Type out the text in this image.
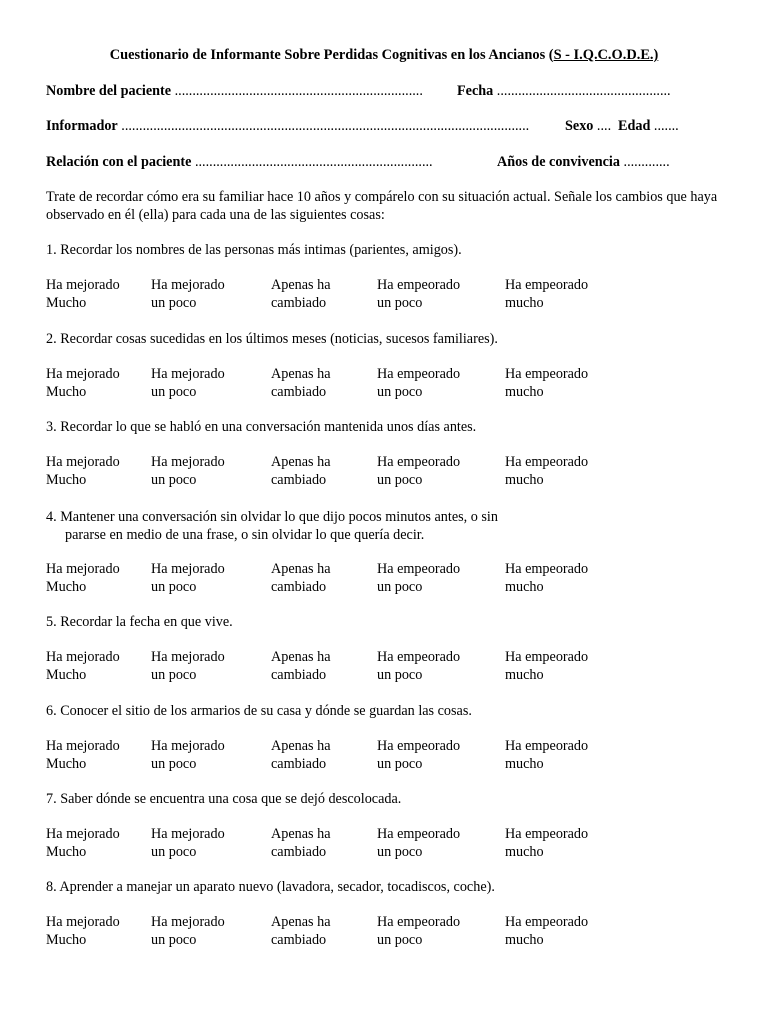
Cuestionario de Informante Sobre Perdidas Cognitivas en los Ancianos (S - I.Q.C.O.D.E.)
Nombre del paciente ...................................................................... Fecha .................................................
Informador ...................................................................................................................	Sexo .... Edad .......
Relación con el paciente ...................................................................	Años de convivencia .............
Trate de recordar cómo era su familiar hace 10 años y compárelo con su situación actual. Señale los cambios que haya observado en él (ella) para cada una de las siguientes cosas:
1. Recordar los nombres de las personas más intimas (parientes, amigos).
Ha mejorado
Mucho
Ha mejorado
un poco
Apenas ha
cambiado
Ha empeorado
un poco
Ha empeorado
mucho
2. Recordar cosas sucedidas en los últimos meses (noticias, sucesos familiares).
Ha mejorado
Mucho
Ha mejorado
un poco
Apenas ha
cambiado
Ha empeorado
un poco
Ha empeorado
mucho
3. Recordar lo que se habló en una conversación mantenida unos días antes.
Ha mejorado
Mucho
Ha mejorado
un poco
Apenas ha
cambiado
Ha empeorado
un poco
Ha empeorado
mucho
4. Mantener una conversación sin olvidar lo que dijo pocos minutos antes, o sin
pararse en medio de una frase, o sin olvidar lo que quería decir.
Ha mejorado
Mucho
Ha mejorado
un poco
Apenas ha
cambiado
Ha empeorado
un poco
Ha empeorado
mucho
5. Recordar la fecha en que vive.
Ha mejorado
Mucho
Ha mejorado
un poco
Apenas ha
cambiado
Ha empeorado
un poco
Ha empeorado
mucho
6. Conocer el sitio de los armarios de su casa y dónde se guardan las cosas.
Ha mejorado
Mucho
Ha mejorado
un poco
Apenas ha
cambiado
Ha empeorado
un poco
Ha empeorado
mucho
7. Saber dónde se encuentra una cosa que se dejó descolocada.
Ha mejorado
Mucho
Ha mejorado
un poco
Apenas ha
cambiado
Ha empeorado
un poco
Ha empeorado
mucho
8. Aprender a manejar un aparato nuevo (lavadora, secador, tocadiscos, coche).
Ha mejorado
Mucho
Ha mejorado
un poco
Apenas ha
cambiado
Ha empeorado
un poco
Ha empeorado
mucho
